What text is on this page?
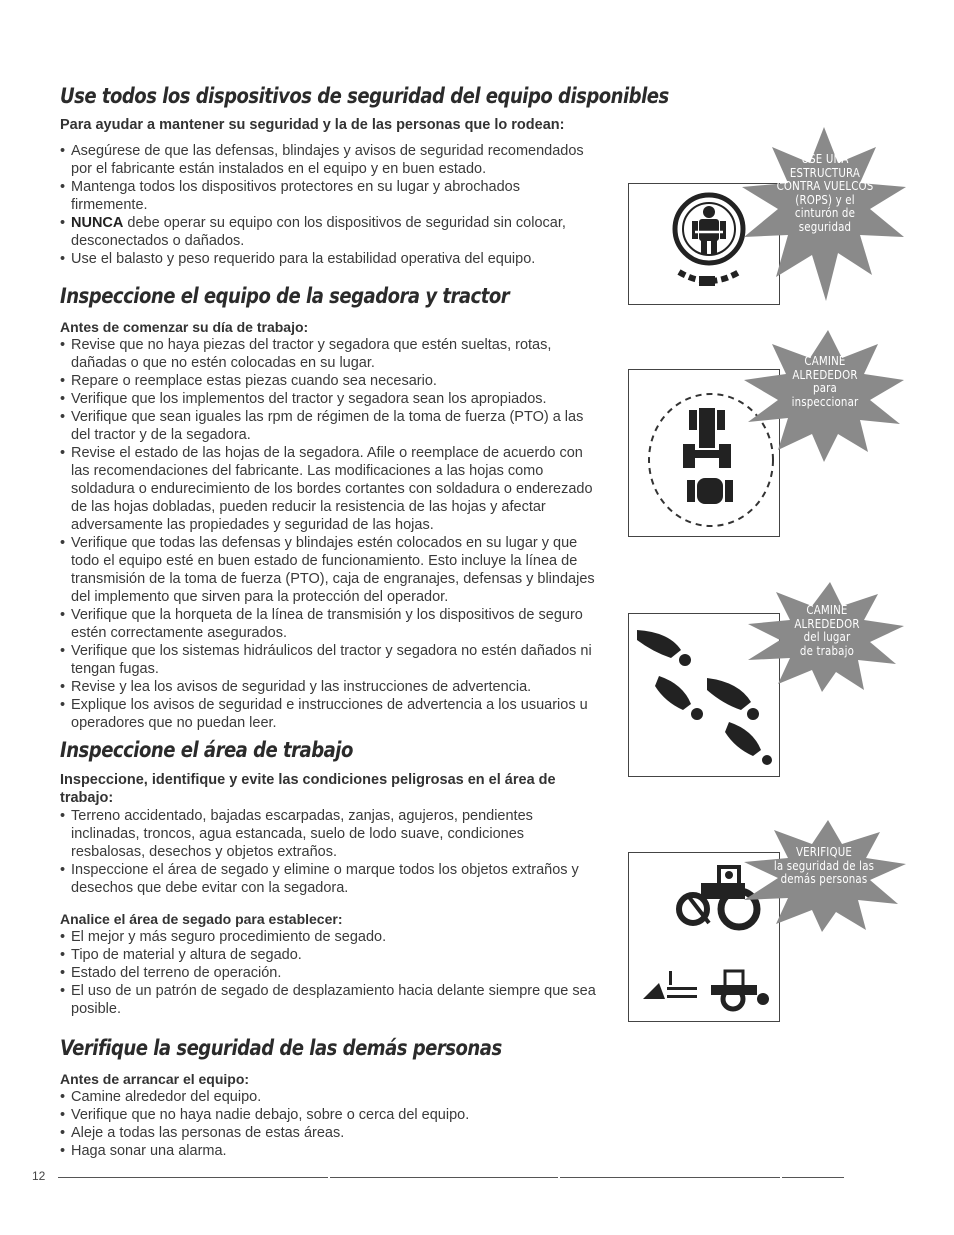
Use todos los dispositivos de seguridad del equipo disponibles

Para ayudar a mantener su seguridad y la de las personas que lo rodean:

• Asegúrese de que las defensas, blindajes y avisos de seguridad recomendados por el fabricante están instalados en el equipo y en buen estado.
• Mantenga todos los dispositivos protectores en su lugar y abrochados firmemente.
• NUNCA debe operar su equipo con los dispositivos de seguridad sin colocar, desconectados o dañados.
• Use el balasto y peso requerido para la estabilidad operativa del equipo.
Inspeccione el equipo de la segadora y tractor

Antes de comenzar su día de trabajo:

• Revise que no haya piezas del tractor y segadora que estén sueltas, rotas, dañadas o que no estén colocadas en su lugar.
• Repare o reemplace estas piezas cuando sea necesario.
• Verifique que los implementos del tractor y segadora sean los apropiados.
• Verifique que sean iguales las rpm de régimen de la toma de fuerza (PTO) a las del tractor y de la segadora.
• Revise el estado de las hojas de la segadora. Afile o reemplace de acuerdo con las recomendaciones del fabricante. Las modificaciones a las hojas como soldadura o endurecimiento de los bordes cortantes con soldadura o enderezado de las hojas dobladas, pueden reducir la resistencia de las hojas y afectar adversamente las propiedades y seguridad de las hojas.
• Verifique que todas las defensas y blindajes estén colocados en su lugar y que todo el equipo esté en buen estado de funcionamiento. Esto incluye la línea de transmisión de la toma de fuerza (PTO), caja de engranajes, defensas y blindajes del implemento que sirven para la protección del operador.
• Verifique que la horqueta de la línea de transmisión y los dispositivos de seguro estén correctamente asegurados.
• Verifique que los sistemas hidráulicos del tractor y segadora no estén dañados ni tengan fugas.
• Revise y lea los avisos de seguridad y las instrucciones de advertencia.
• Explique los avisos de seguridad e instrucciones de advertencia a los usuarios u operadores que no puedan leer.
Inspeccione el área de trabajo

Inspeccione, identifique y evite las condiciones peligrosas en el área de trabajo:

• Terreno accidentado, bajadas escarpadas, zanjas, agujeros, pendientes inclinadas, troncos, agua estancada, suelo de lodo suave, condiciones resbalosas, desechos y objetos extraños.
• Inspeccione el área de segado y elimine o marque todos los objetos extraños y desechos que debe evitar con la segadora.

Analice el área de segado para establecer:

• El mejor y más seguro procedimiento de segado.
• Tipo de material y altura de segado.
• Estado del terreno de operación.
• El uso de un patrón de segado de desplazamiento hacia delante siempre que sea posible.
Verifique la seguridad de las demás personas

Antes de arrancar el equipo:

• Camine alrededor del equipo.
• Verifique que no haya nadie debajo, sobre o cerca del equipo.
• Aleje a todas las personas de estas áreas.
• Haga sonar una alarma.
USE UNA
ESTRUCTURA
CONTRA VUELCOS
(ROPS) y el
cinturón de
seguridad
CAMINE
ALREDEDOR
para
inspeccionar
CAMINE
ALREDEDOR
del lugar
de trabajo
VERIFIQUE
la seguridad de las
demás personas
12
